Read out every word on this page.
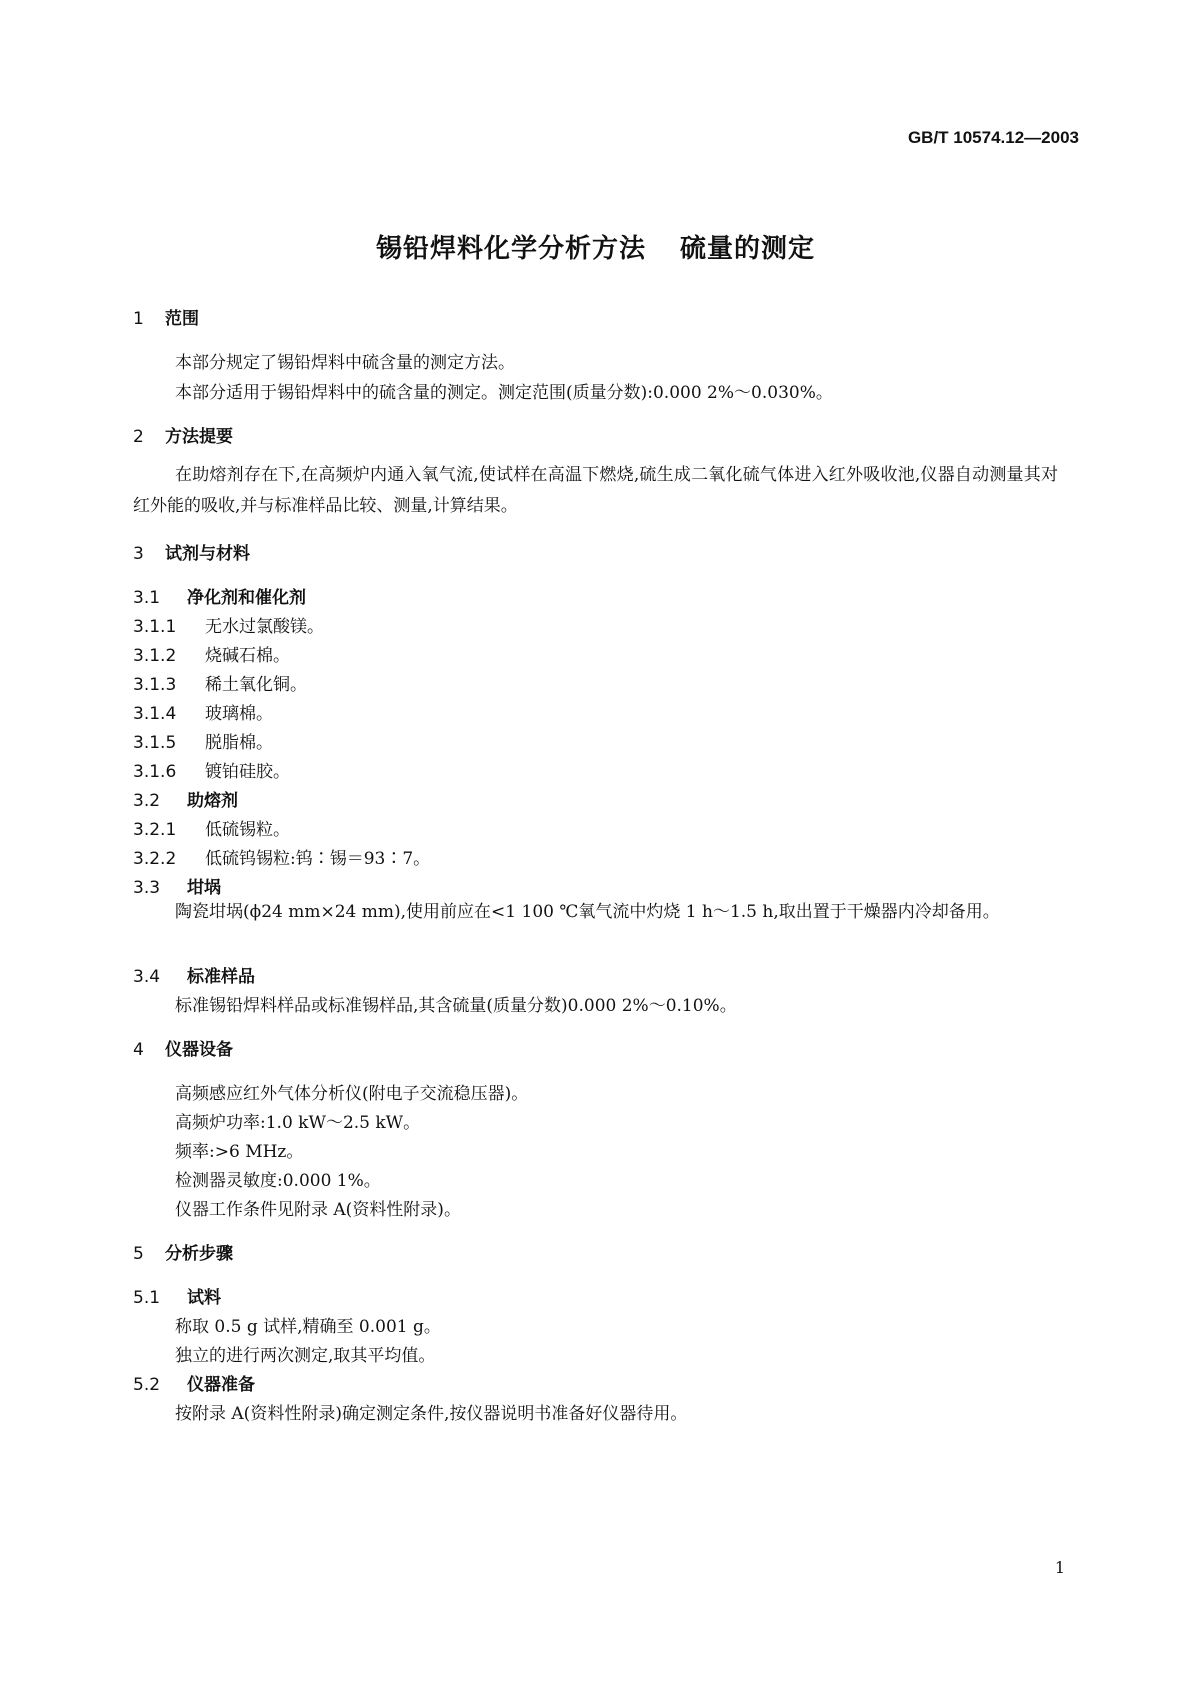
GB/T 10574.12—2003
锡铅焊料化学分析方法 硫量的测定
1 范围
本部分规定了锡铅焊料中硫含量的测定方法。
本部分适用于锡铅焊料中的硫含量的测定。测定范围(质量分数):0.000 2%～0.030%。
2 方法提要
在助熔剂存在下,在高频炉内通入氧气流,使试样在高温下燃烧,硫生成二氧化硫气体进入红外吸收池,仪器自动测量其对红外能的吸收,并与标准样品比较、测量,计算结果。
3 试剂与材料
3.1 净化剂和催化剂
3.1.1 无水过氯酸镁。
3.1.2 烧碱石棉。
3.1.3 稀土氧化铜。
3.1.4 玻璃棉。
3.1.5 脱脂棉。
3.1.6 镀铂硅胶。
3.2 助熔剂
3.2.1 低硫锡粒。
3.2.2 低硫钨锡粒:钨∶锡＝93∶7。
3.3 坩埚
陶瓷坩埚(ϕ24 mm×24 mm),使用前应在<1 100 ℃氧气流中灼烧 1 h～1.5 h,取出置于干燥器内冷却备用。
3.4 标准样品
标准锡铅焊料样品或标准锡样品,其含硫量(质量分数)0.000 2%～0.10%。
4 仪器设备
高频感应红外气体分析仪(附电子交流稳压器)。
高频炉功率:1.0 kW～2.5 kW。
频率:>6 MHz。
检测器灵敏度:0.000 1%。
仪器工作条件见附录 A(资料性附录)。
5 分析步骤
5.1 试料
称取 0.5 g 试样,精确至 0.001 g。
独立的进行两次测定,取其平均值。
5.2 仪器准备
按附录 A(资料性附录)确定测定条件,按仪器说明书准备好仪器待用。
1
